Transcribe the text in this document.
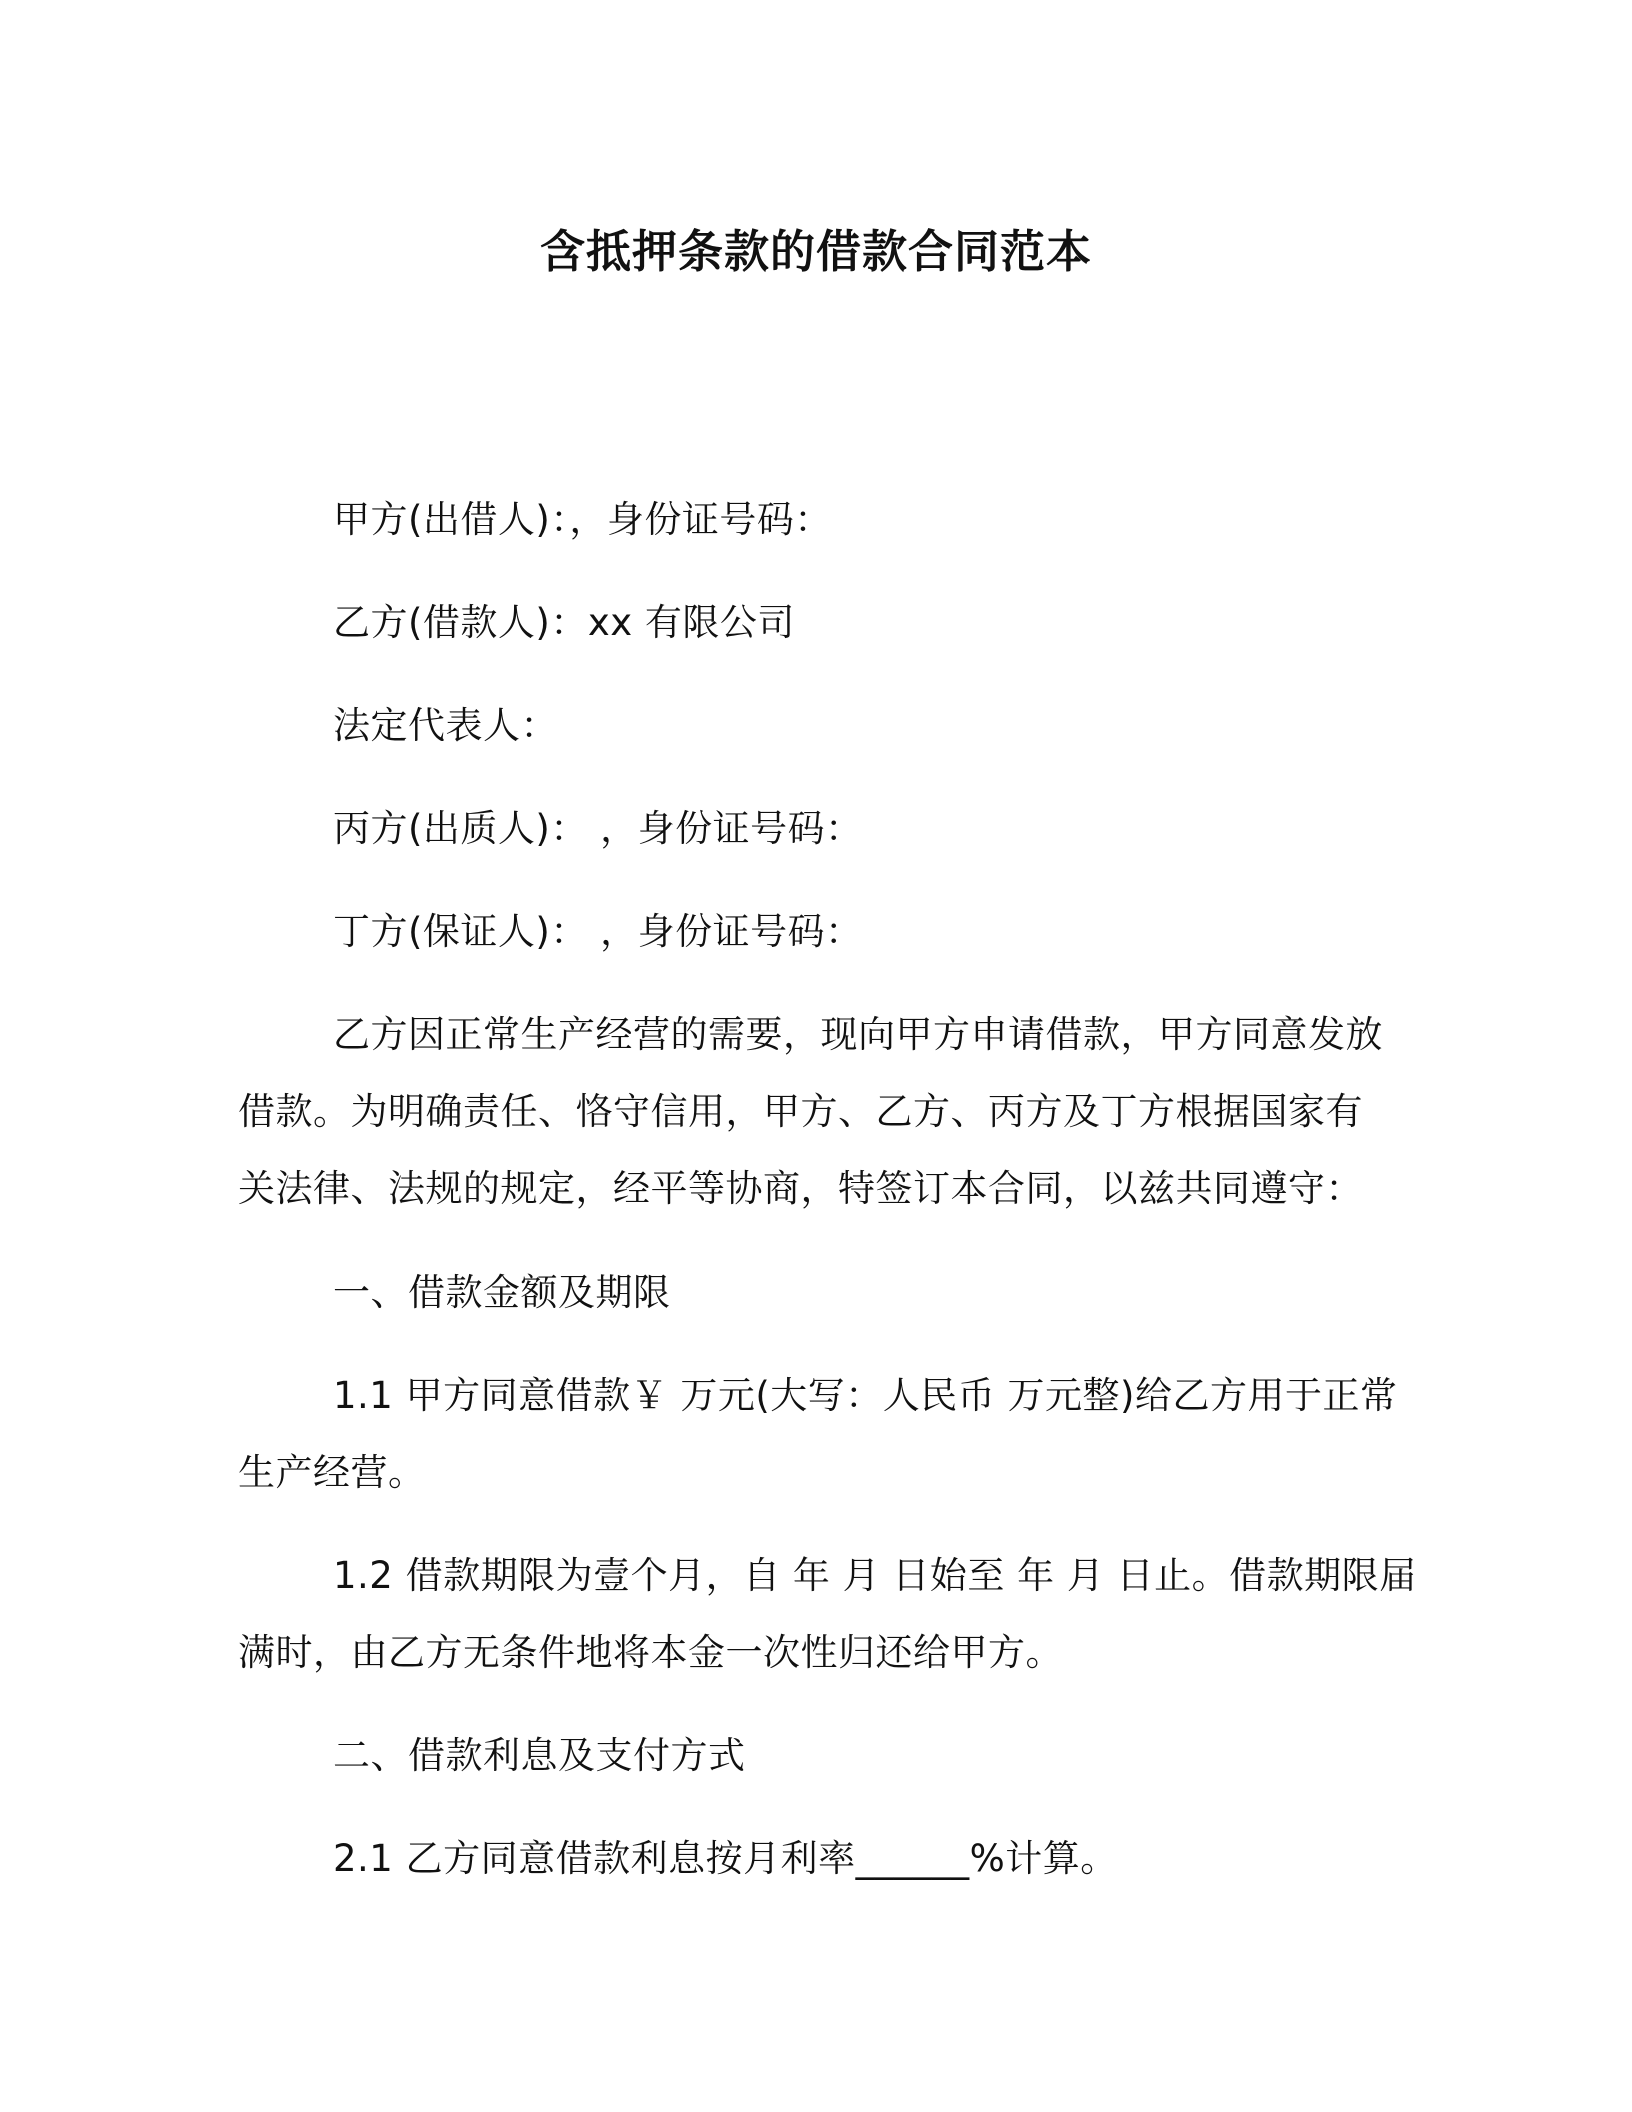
含抵押条款的借款合同范本
甲方(出借人)：，身份证号码：
乙方(借款人)：xx 有限公司
法定代表人：
丙方(出质人)： ，身份证号码：
丁方(保证人)： ，身份证号码：
乙方因正常生产经营的需要，现向甲方申请借款，甲方同意发放
借款。为明确责任、恪守信用，甲方、乙方、丙方及丁方根据国家有
关法律、法规的规定，经平等协商，特签订本合同，以兹共同遵守：
一、借款金额及期限
1.1 甲方同意借款￥ 万元(大写：人民币 万元整)给乙方用于正常
生产经营。
1.2 借款期限为壹个月，自 年 月 日始至 年 月 日止。借款期限届
满时，由乙方无条件地将本金一次性归还给甲方。
二、借款利息及支付方式
2.1 乙方同意借款利息按月利率______%计算。
